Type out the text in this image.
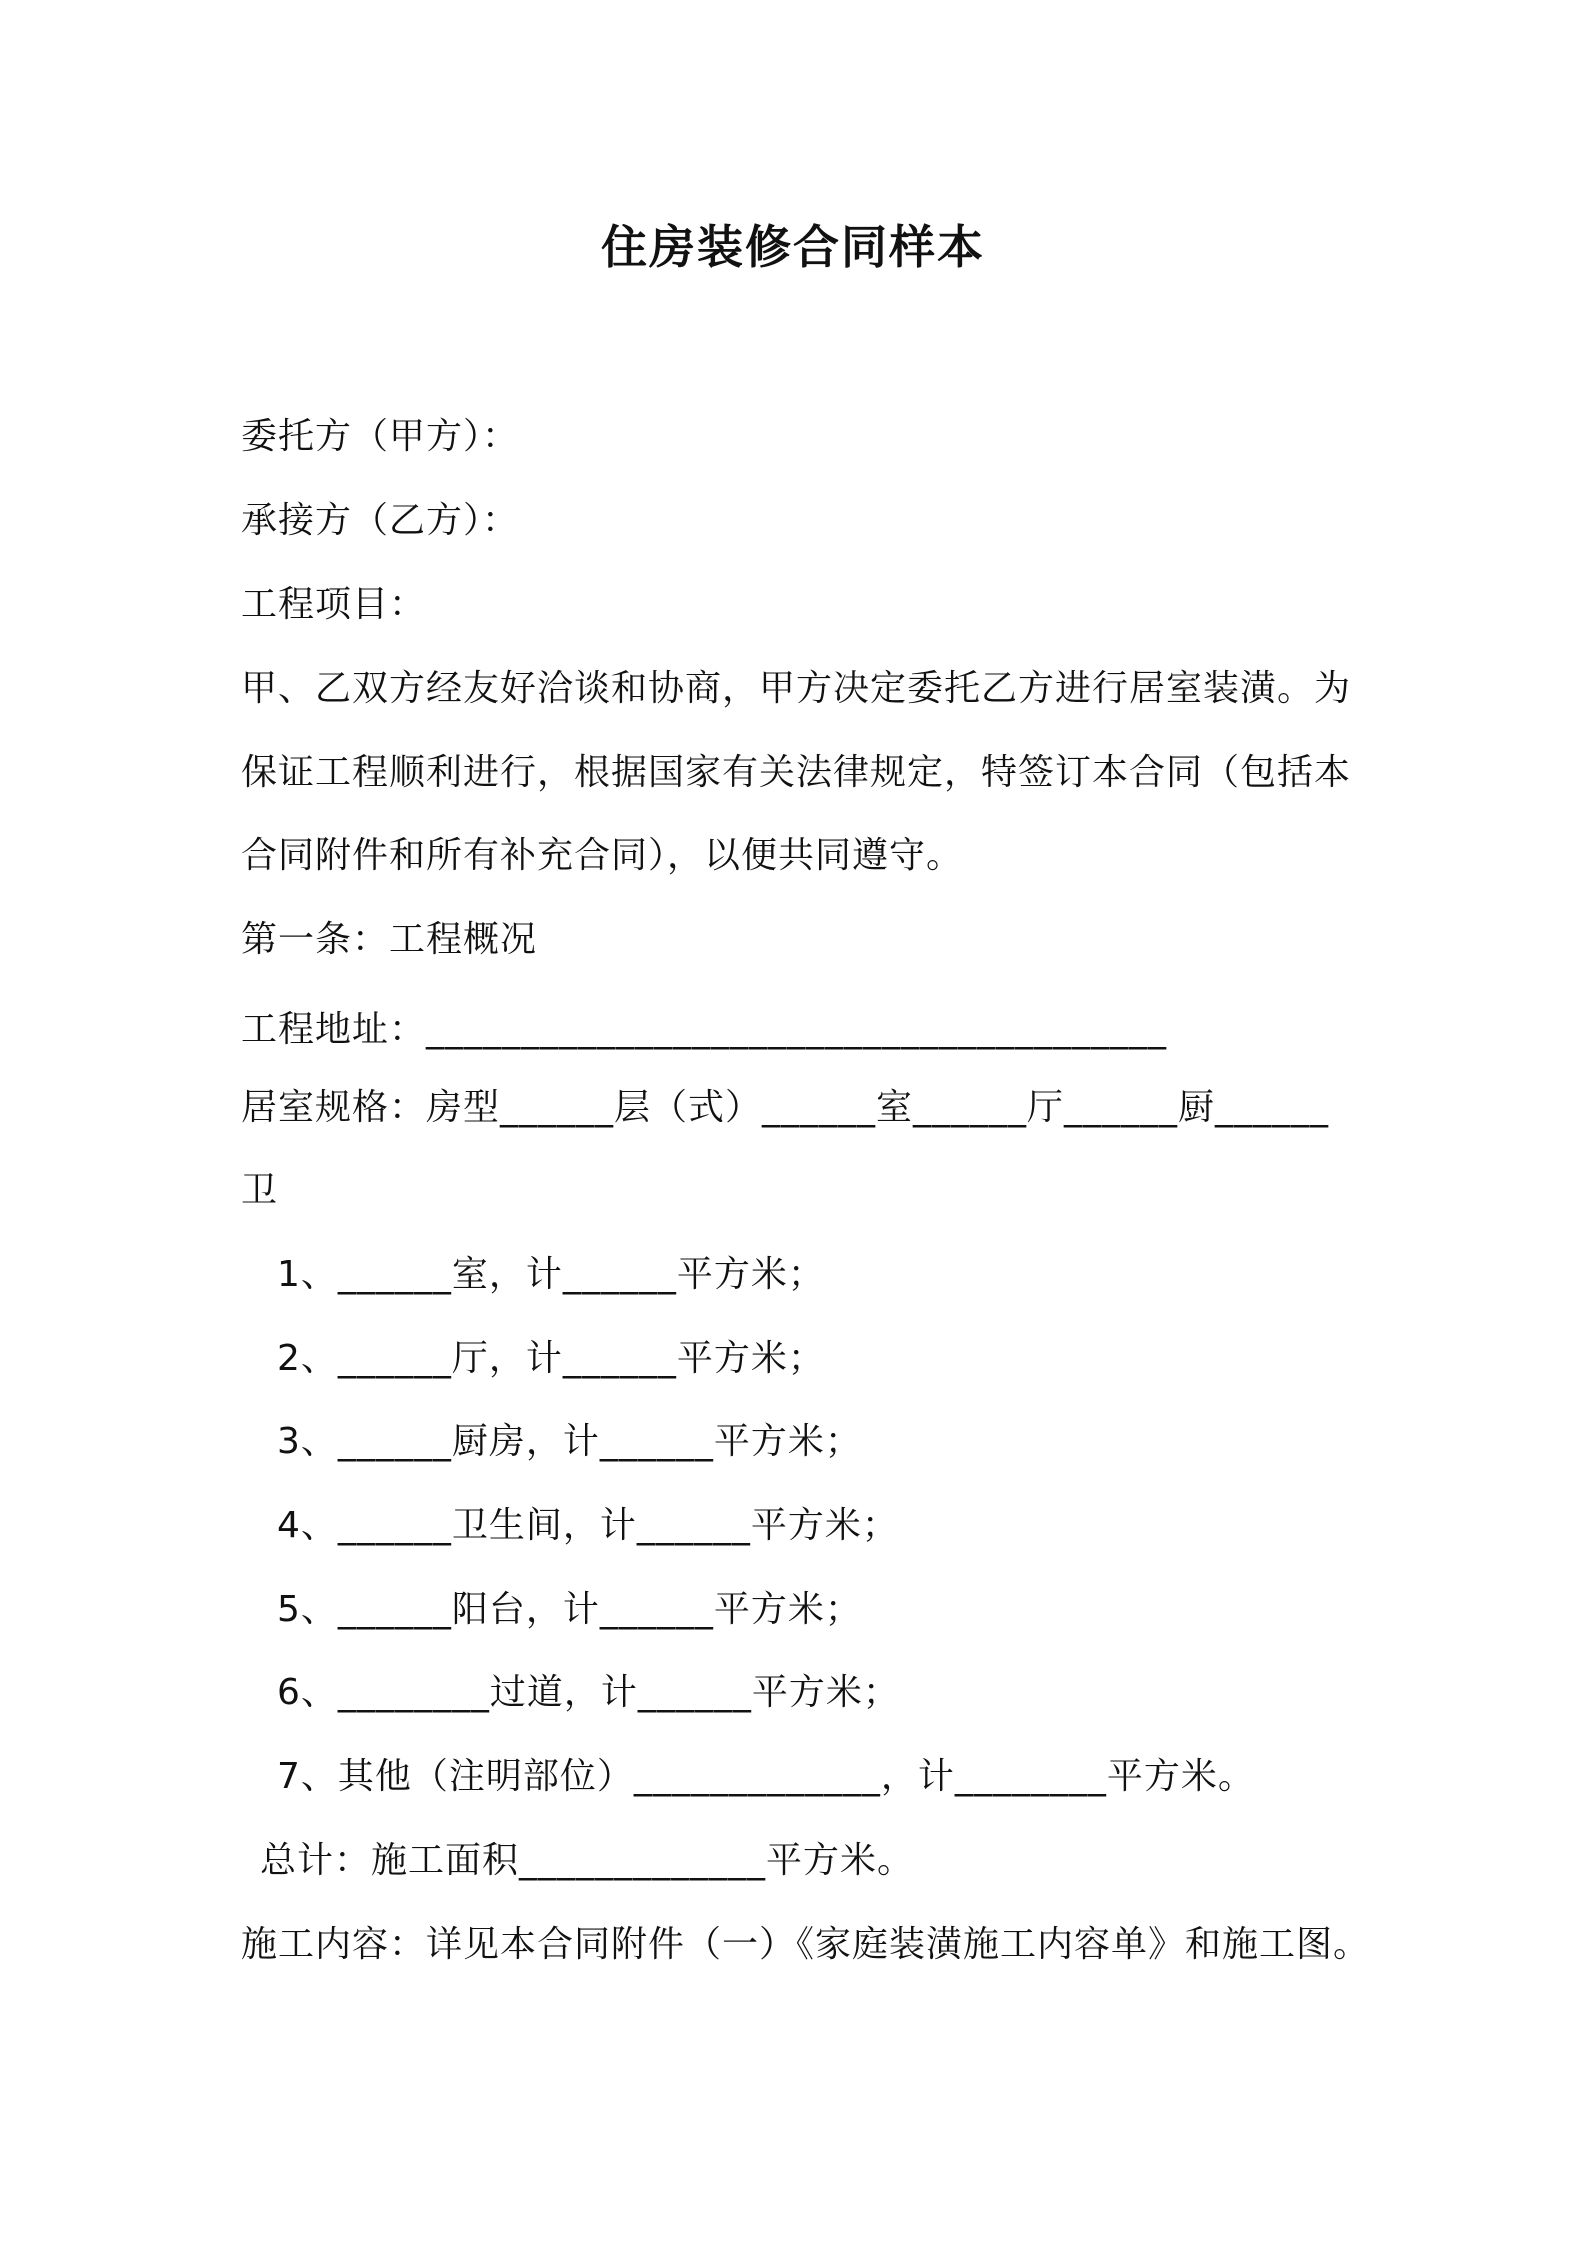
住房装修合同样本
委托方（甲方）：
承接方（乙方）：
工程项目：
甲、乙双方经友好洽谈和协商，甲方决定委托乙方进行居室装潢。为
保证工程顺利进行，根据国家有关法律规定，特签订本合同（包括本
合同附件和所有补充合同），以便共同遵守。
第一条：工程概况
工程地址：_______________________________________
居室规格：房型______层（式）______室______厅______厨______
卫
1、______室，计______平方米；
2、______厅，计______平方米；
3、______厨房，计______平方米；
4、______卫生间，计______平方米；
5、______阳台，计______平方米；
6、________过道，计______平方米；
7、其他（注明部位）_____________，计________平方米。
总计：施工面积_____________平方米。
施工内容：详见本合同附件（一）《家庭装潢施工内容单》和施工图。
